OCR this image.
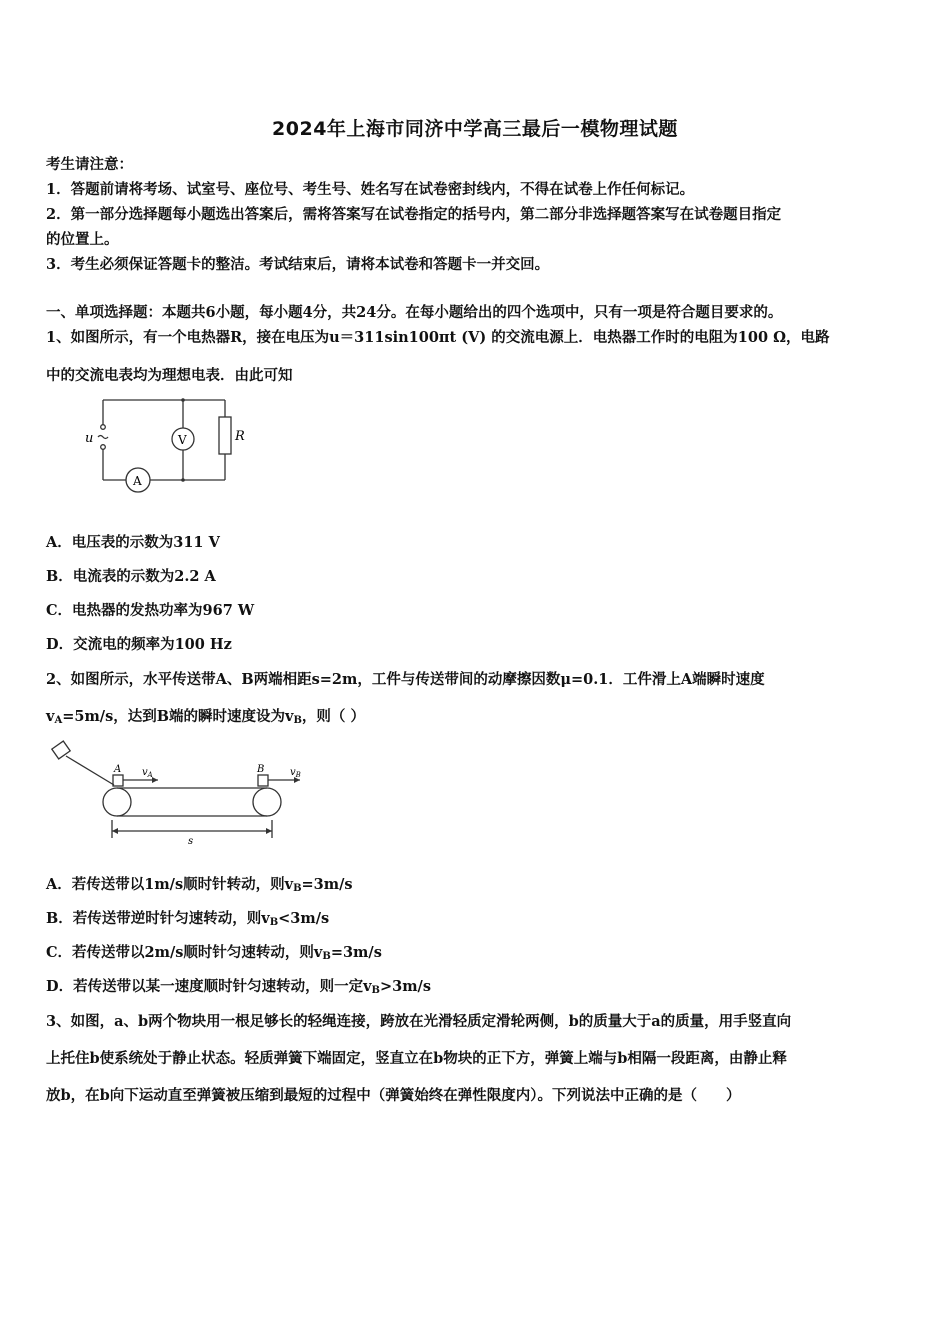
2024年上海市同济中学高三最后一模物理试题
考生请注意：
1．答题前请将考场、试室号、座位号、考生号、姓名写在试卷密封线内，不得在试卷上作任何标记。
2．第一部分选择题每小题选出答案后，需将答案写在试卷指定的括号内，第二部分非选择题答案写在试卷题目指定
的位置上。
3．考生必须保证答题卡的整洁。考试结束后，请将本试卷和答题卡一并交回。
一、单项选择题：本题共6小题，每小题4分，共24分。在每小题给出的四个选项中，只有一项是符合题目要求的。
1、如图所示，有一个电热器R，接在电压为u＝311sin100πt (V) 的交流电源上．电热器工作时的电阻为100 Ω，电路
中的交流电表均为理想电表．由此可知
u	V
A
R
A．电压表的示数为311 V
B．电流表的示数为2.2 A
C．电热器的发热功率为967 W
D．交流电的频率为100 Hz
2、如图所示，水平传送带A、B两端相距s=2m，工件与传送带间的动摩擦因数μ=0.1．工件滑上A端瞬时速度
$v_A=5m/s$，达到B端的瞬时速度设为$v_B$，则（ ）
A	B
$v_A$	$v_B$
s
A．若传送带以1m/s顺时针转动，则$v_B=3m/s$
B．若传送带逆时针匀速转动，则$v_B<3m/s$
C．若传送带以2m/s顺时针匀速转动，则$v_B=3m/s$
D．若传送带以某一速度顺时针匀速转动，则一定$v_B>3m/s$
3、如图，a、b两个物块用一根足够长的轻绳连接，跨放在光滑轻质定滑轮两侧，b的质量大于a的质量，用手竖直向
上托住b使系统处于静止状态。轻质弹簧下端固定，竖直立在b物块的正下方，弹簧上端与b相隔一段距离，由静止释
放b，在b向下运动直至弹簧被压缩到最短的过程中（弹簧始终在弹性限度内）。下列说法中正确的是（　　）
